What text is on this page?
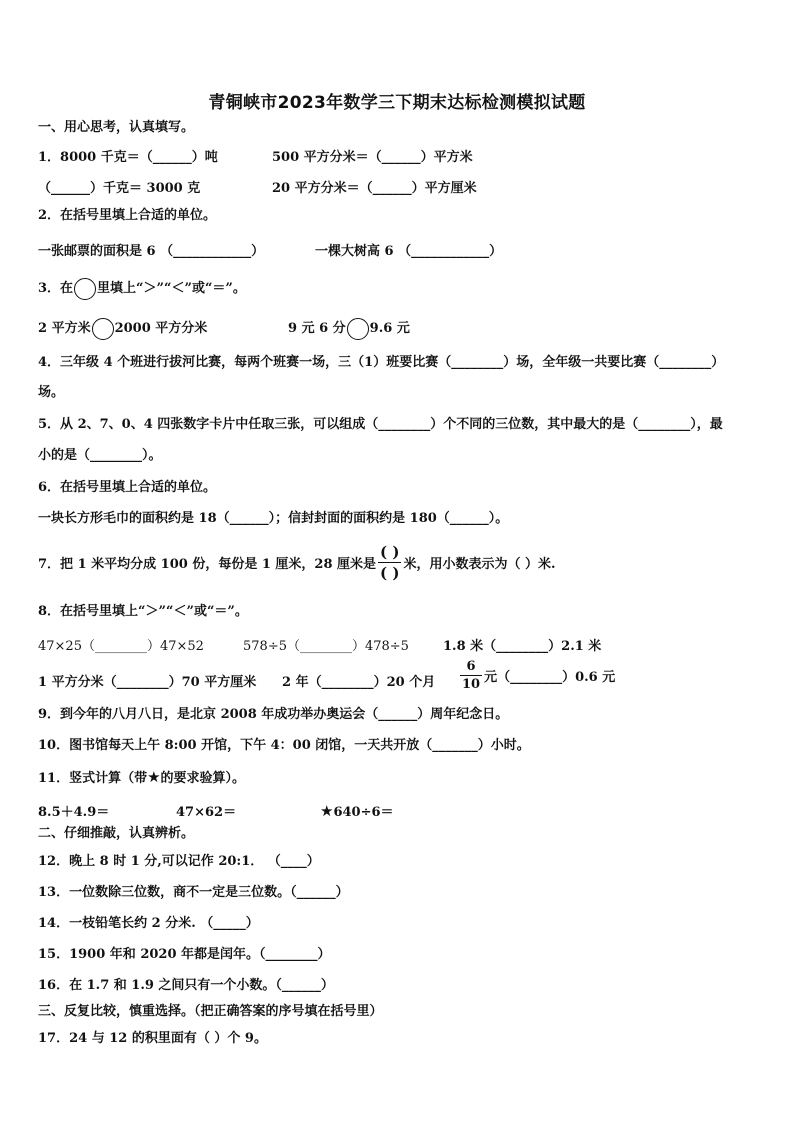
青铜峡市2023年数学三下期末达标检测模拟试题
一、用心思考，认真填写。
1．8000 千克＝（______）吨	500 平方分米＝（______）平方米
（______）千克＝ 3000 克	20 平方分米＝（______）平方厘米
2．在括号里填上合适的单位。
一张邮票的面积是 6 （____________）	一棵大树高 6 （____________）
3．在 里填上“＞”“＜”或“＝”。
2 平方米 2000 平方分米	9 元 6 分 9.6 元
4．三年级 4 个班进行拔河比赛，每两个班赛一场，三（1）班要比赛（________）场，全年级一共要比赛（________）
场。
5．从 2、7、0、4 四张数字卡片中任取三张，可以组成（________）个不同的三位数，其中最大的是（________），最
小的是（________）。
6．在括号里填上合适的单位。
一块长方形毛巾的面积约是 18（______）；信封封面的面积约是 180（______）。
7．把 1 米平均分成 100 份，每份是 1 厘米，28 厘米是 $\frac{( )}{( )}$ 米，用小数表示为（ ）米.
8．在括号里填上“＞”“＜”或“＝”。
47×25（________）47×52	578÷5（________）478÷5	1.8 米（________）2.1 米
1 平方分米（________）70 平方厘米 2 年（________）20 个月 $\frac{6}{10}$ 元（________）0.6 元
9．到今年的八月八日，是北京 2008 年成功举办奥运会（______）周年纪念日。
10．图书馆每天上午 8:00 开馆，下午 4：00 闭馆，一天共开放（_______）小时。
11．竖式计算（带★的要求验算）。
8.5＋4.9＝	47×62＝	★640÷6＝
二、仔细推敲，认真辨析。
12．晚上 8 时 1 分,可以记作 20:1． （____）
13．一位数除三位数，商不一定是三位数。（______）
14．一枝铅笔长约 2 分米. （_____）
15．1900 年和 2020 年都是闰年。（________）
16．在 1.7 和 1.9 之间只有一个小数。（______）
三、反复比较，慎重选择。（把正确答案的序号填在括号里）
17．24 与 12 的积里面有（ ）个 9。
